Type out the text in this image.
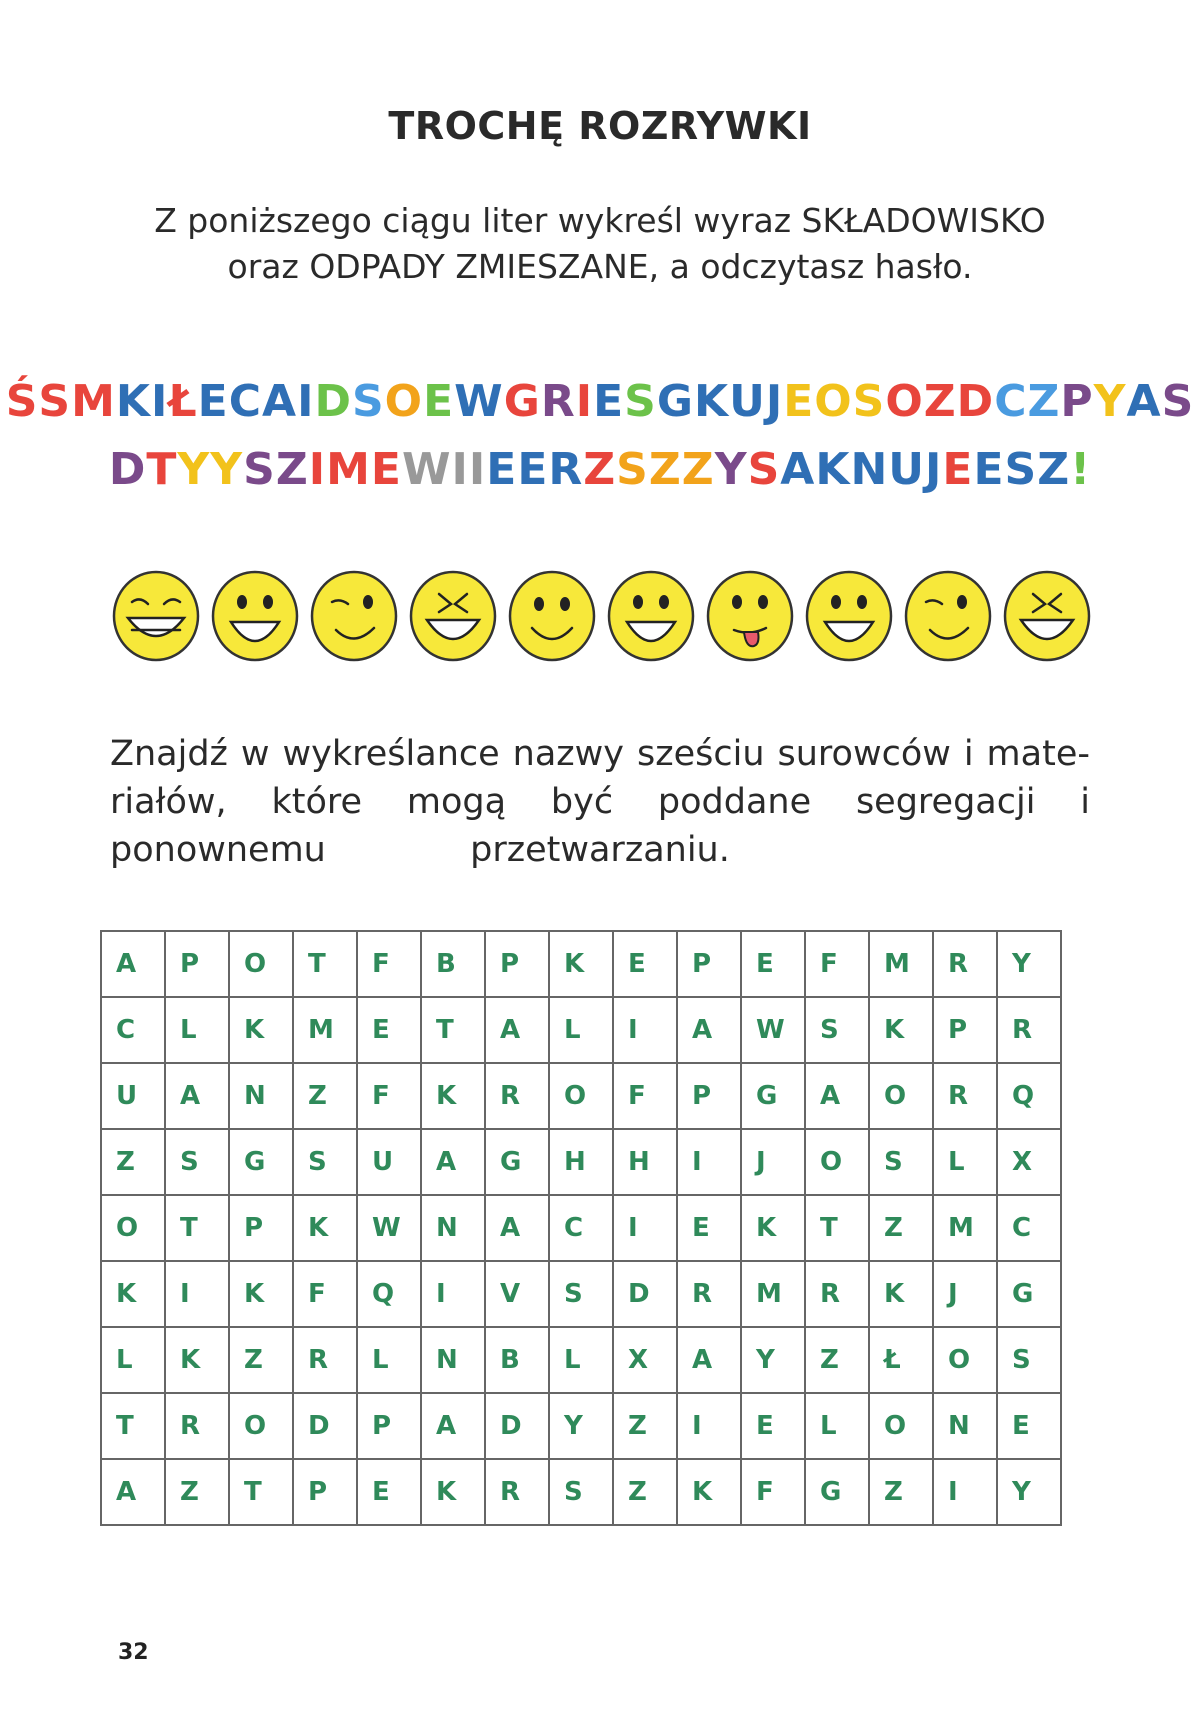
TROCHĘ ROZRYWKI
Z poniższego ciągu liter wykreśl wyraz SKŁADOWISKO
oraz ODPADY ZMIESZANE, a odczytasz hasło.
ŚSMKIŁECAIDSOEWGRIESGKUJEOSOZDCZPYAS
DTYYSZIMEWIIEERZSZZYSAKNUJEESZ!
Znajdź w wykreślance nazwy sześciu surowców i mate-
riałów, które mogą być poddane segregacji i ponownemu	przetwarzaniu.
A	P	O	T	F	B	P	K	E	P	E	F	M	R	Y
C	L	K	M	E	T	A	L	I	A	W	S	K	P	R
U	A	N	Z	F	K	R	O	F	P	G	A	O	R	Q
Z	S	G	S	U	A	G	H	H	I	J	O	S	L	X
O	T	P	K	W	N	A	C	I	E	K	T	Z	M	C
K	I	K	F	Q	I	V	S	D	R	M	R	K	J	G
L	K	Z	R	L	N	B	L	X	A	Y	Z	Ł	O	S
T	R	O	D	P	A	D	Y	Z	I	E	L	O	N	E
A	Z	T	P	E	K	R	S	Z	K	F	G	Z	I	Y
32
